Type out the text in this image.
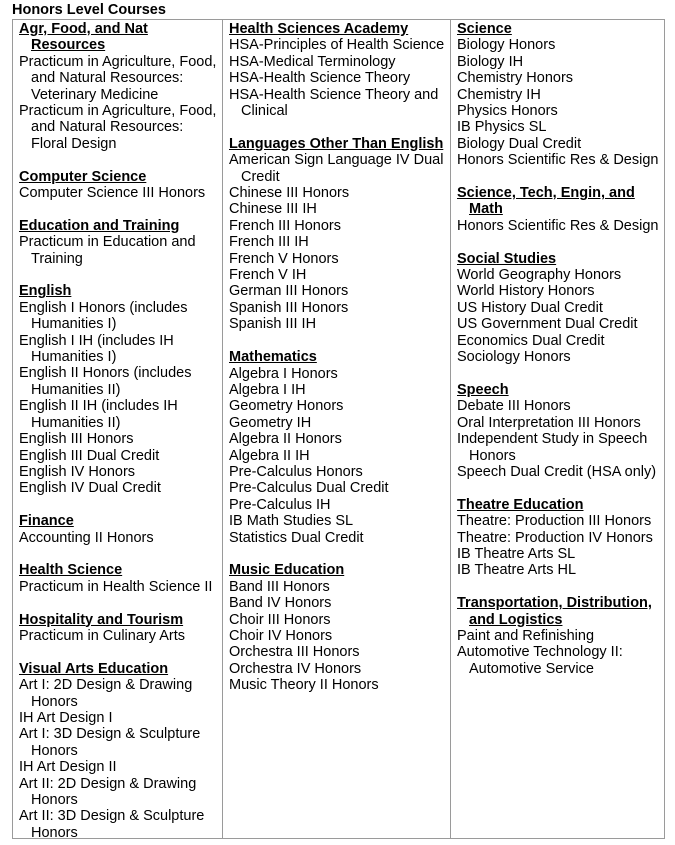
Honors Level Courses
Agr, Food, and Nat Resources
Practicum in Agriculture, Food, and Natural Resources: Veterinary Medicine
Practicum in Agriculture, Food, and Natural Resources: Floral Design
Computer Science
Computer Science III Honors
Education and Training
Practicum in Education and Training
English
English I Honors (includes Humanities I)
English I IH (includes IH Humanities I)
English II Honors (includes Humanities II)
English II IH (includes IH Humanities II)
English III Honors
English III Dual Credit
English IV Honors
English IV Dual Credit
Finance
Accounting II Honors
Health Science
Practicum in Health Science II
Hospitality and Tourism
Practicum in Culinary Arts
Visual Arts Education
Art I: 2D Design & Drawing Honors
IH Art Design I
Art I: 3D Design & Sculpture Honors
IH Art Design II
Art II: 2D Design & Drawing Honors
Art II: 3D Design & Sculpture Honors
Health Sciences Academy
HSA-Principles of Health Science
HSA-Medical Terminology
HSA-Health Science Theory
HSA-Health Science Theory and Clinical
Languages Other Than English
American Sign Language IV Dual Credit
Chinese III Honors
Chinese III IH
French III Honors
French III IH
French V Honors
French V IH
German III Honors
Spanish III Honors
Spanish III IH
Mathematics
Algebra I Honors
Algebra I IH
Geometry Honors
Geometry IH
Algebra II Honors
Algebra II IH
Pre-Calculus Honors
Pre-Calculus Dual Credit
Pre-Calculus IH
IB Math Studies SL
Statistics Dual Credit
Music Education
Band III Honors
Band IV Honors
Choir III Honors
Choir IV Honors
Orchestra III Honors
Orchestra IV Honors
Music Theory II Honors
Science
Biology Honors
Biology IH
Chemistry Honors
Chemistry IH
Physics Honors
IB Physics SL
Biology Dual Credit
Honors Scientific Res & Design
Science, Tech, Engin, and Math
Honors Scientific Res & Design
Social Studies
World Geography Honors
World History Honors
US History Dual Credit
US Government Dual Credit
Economics Dual Credit
Sociology Honors
Speech
Debate III Honors
Oral Interpretation III Honors
Independent Study in Speech Honors
Speech Dual Credit (HSA only)
Theatre Education
Theatre: Production III Honors
Theatre: Production IV Honors
IB Theatre Arts SL
IB Theatre Arts HL
Transportation, Distribution, and Logistics
Paint and Refinishing
Automotive Technology II: Automotive Service
